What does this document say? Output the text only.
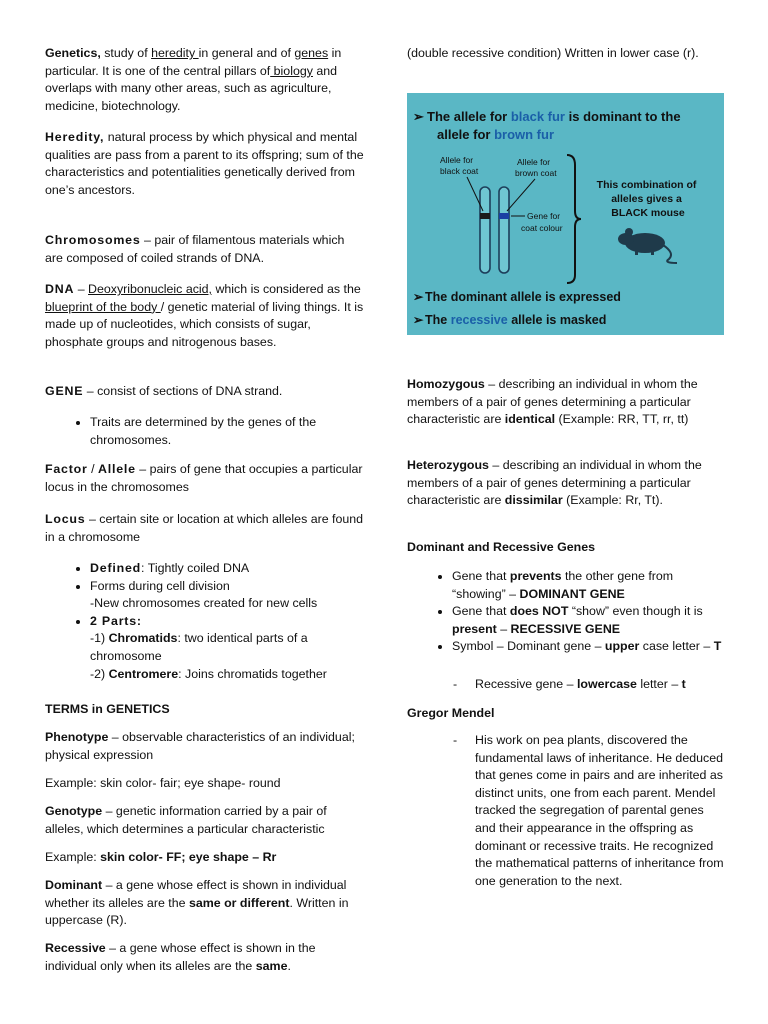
Genetics, study of heredity in general and of genes in particular. It is one of the central pillars of biology and overlaps with many other areas, such as agriculture, medicine, biotechnology.

Heredity, natural process by which physical and mental qualities are pass from a parent to its offspring; sum of the characteristics and potentialities genetically derived from one’s ancestors.

Chromosomes – pair of filamentous materials which are composed of coiled strands of DNA.

DNA – Deoxyribonucleic acid, which is considered as the blueprint of the body / genetic material of living things. It is made up of nucleotides, which consists of sugar, phosphate groups and nitrogenous bases.

GENE – consist of sections of DNA strand.

• Traits are determined by the genes of the chromosomes.

Factor / Allele – pairs of gene that occupies a particular locus in the chromosomes

Locus – certain site or location at which alleles are found in a chromosome

• Defined: Tightly coiled DNA
• Forms during cell division
-New chromosomes created for new cells
• 2 Parts:
-1) Chromatids: two identical parts of a chromosome
-2) Centromere: Joins chromatids together

TERMS in GENETICS

Phenotype – observable characteristics of an individual; physical expression

Example: skin color- fair; eye shape- round

Genotype – genetic information carried by a pair of alleles, which determines a particular characteristic

Example: skin color- FF; eye shape – Rr

Dominant – a gene whose effect is shown in individual whether its alleles are the same or different. Written in uppercase (R).

Recessive – a gene whose effect is shown in the individual only when its alleles are the same.

(double recessive condition) Written in lower case (r).

Homozygous – describing an individual in whom the members of a pair of genes determining a particular characteristic are identical (Example: RR, TT, rr, tt)

Heterozygous – describing an individual in whom the members of a pair of genes determining a particular characteristic are dissimilar (Example: Rr, Tt).

Dominant and Recessive Genes

• Gene that prevents the other gene from “showing” – DOMINANT GENE
• Gene that does NOT “show” even though it is present – RECESSIVE GENE
• Symbol – Dominant gene – upper case letter – T
- Recessive gene – lowercase letter – t

Gregor Mendel

- His work on pea plants, discovered the fundamental laws of inheritance. He deduced that genes come in pairs and are inherited as distinct units, one from each parent. Mendel tracked the segregation of parental genes and their appearance in the offspring as dominant or recessive traits. He recognized the mathematical patterns of inheritance from one generation to the next.
➢ The allele for black fur is dominant to the
allele for brown fur
Allele for black coat
Allele for brown coat
Gene for coat colour
This combination of alleles gives a BLACK mouse
➢ The dominant allele is expressed
➢ The recessive allele is masked
